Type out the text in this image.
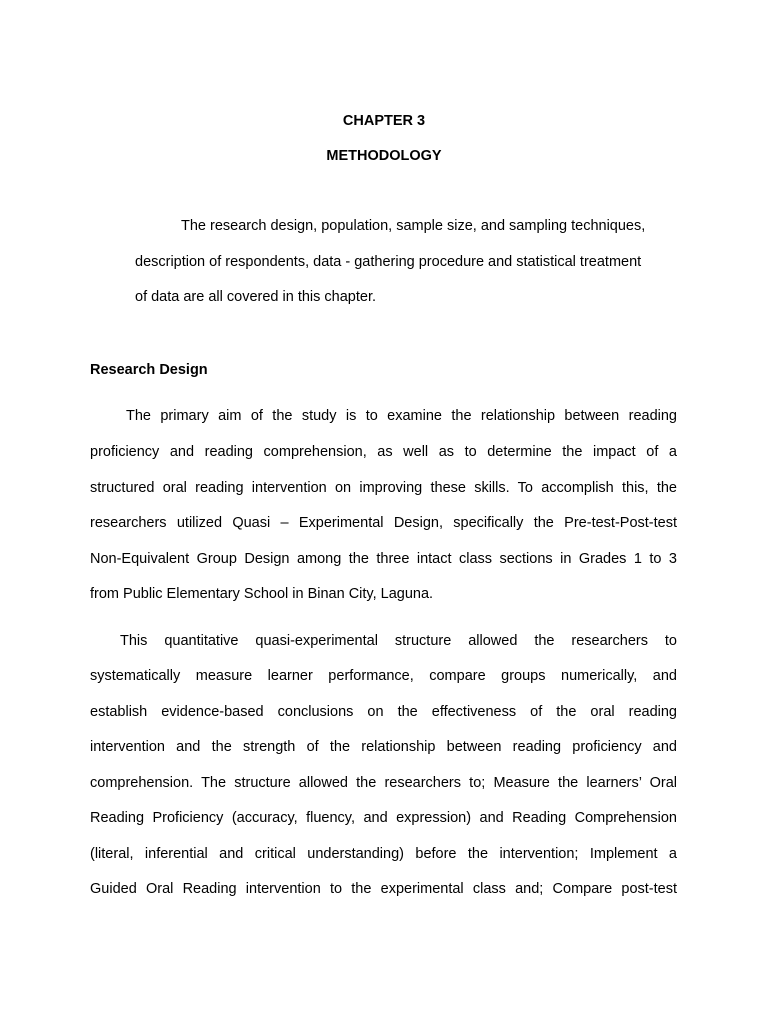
CHAPTER 3
METHODOLOGY
The research design, population, sample size, and sampling techniques,
description of respondents, data - gathering procedure and statistical treatment
of data are all covered in this chapter.
Research Design
The primary aim of the study is to examine the relationship between reading
proficiency and reading comprehension, as well as to determine the impact of a
structured oral reading intervention on improving these skills. To accomplish this, the
researchers utilized Quasi – Experimental Design, specifically the Pre-test-Post-test
Non-Equivalent Group Design among the three intact class sections in Grades 1 to 3
from Public Elementary School in Binan City, Laguna.
This quantitative quasi-experimental structure allowed the researchers to
systematically measure learner performance, compare groups numerically, and
establish evidence-based conclusions on the effectiveness of the oral reading
intervention and the strength of the relationship between reading proficiency and
comprehension. The structure allowed the researchers to; Measure the learners’ Oral
Reading Proficiency (accuracy, fluency, and expression) and Reading Comprehension
(literal, inferential and critical understanding) before the intervention; Implement a
Guided Oral Reading intervention to the experimental class and; Compare post-test
